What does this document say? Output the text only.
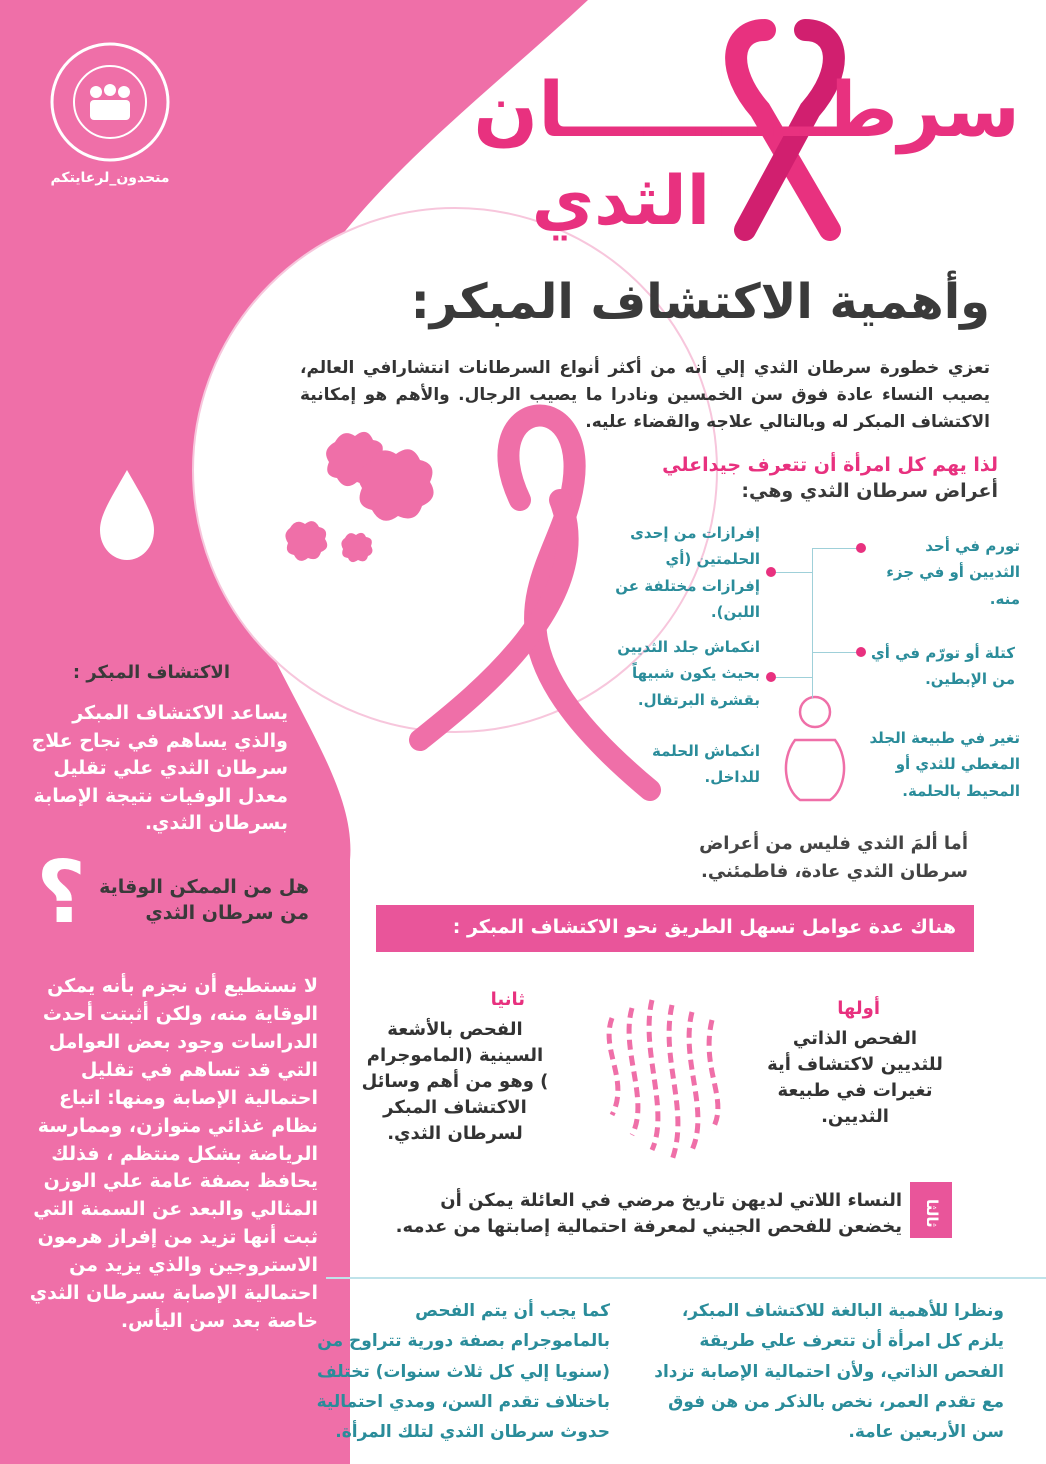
متحدون_لرعايتكم
سرطــــــــــان
الثدي
وأهمية الاكتشاف المبكر:
تعزي خطورة سرطان الثدي إلي أنه من أكثر أنواع السرطانات انتشارافي العالم، يصيب النساء عادة فوق سن الخمسين ونادرا ما يصيب الرجال. والأهم هو إمكانية الاكتشاف المبكر له وبالتالي علاجه والقضاء عليه.
لذا يهم كل امرأة أن تتعرف جيداعلي
أعراض سرطان الثدي وهي:
تورم في أحد الثديين أو في جزء منه.
كتلة أو تورّم في أي من الإبطين.
تغير في طبيعة الجلد المغطي للثدي أو المحيط بالحلمة.
إفرازات من إحدى الحلمتين (أي إفرازات مختلفة عن اللبن).
انكماش جلد الثديين بحيث يكون شبيهاً بقشرة البرتقال.
انكماش الحلمة للداخل.
أما ألمَ الثدي فليس من أعراض سرطان الثدي عادة، فاطمئني.
الاكتشاف المبكر :
يساعد الاكتشاف المبكر والذي يساهم في نجاح علاج سرطان الثدي علي تقليل معدل الوفيات نتيجة الإصابة بسرطان الثدي.
؟ هل من الممكن الوقاية من سرطان الثدي
لا نستطيع أن نجزم بأنه يمكن الوقاية منه، ولكن أثبتت أحدث الدراسات وجود بعض العوامل التي قد تساهم في تقليل احتمالية الإصابة ومنها: اتباع نظام غذائي متوازن، وممارسة الرياضة بشكل منتظم ، فذلك يحافظ بصفة عامة علي الوزن المثالي والبعد عن السمنة التي ثبت أنها تزيد من إفراز هرمون الاستروجين والذي يزيد من احتمالية الإصابة بسرطان الثدي خاصة بعد سن اليأس.
هناك عدة عوامل تسهل الطريق نحو الاكتشاف المبكر :
أولها
الفحص الذاتي للثديين لاكتشاف أية تغيرات في طبيعة الثديين.
ثانيا
الفحص بالأشعة السينية (الماموجرام ) وهو من أهم وسائل الاكتشاف المبكر لسرطان الثدي.
ثالثا
النساء اللاتي لديهن تاريخ مرضي في العائلة يمكن أن يخضعن للفحص الجيني لمعرفة احتمالية إصابتها من عدمه.
ونظرا للأهمية البالغة للاكتشاف المبكر، يلزم كل امرأة أن تتعرف علي طريقة الفحص الذاتي، ولأن احتمالية الإصابة تزداد مع تقدم العمر، نخص بالذكر من هن فوق سن الأربعين عامة.
كما يجب أن يتم الفحص بالماموجرام بصفة دورية تتراوح من (سنويا إلي كل ثلاث سنوات) تختلف باختلاف تقدم السن، ومدي احتمالية حدوث سرطان الثدي لتلك المرأة.
